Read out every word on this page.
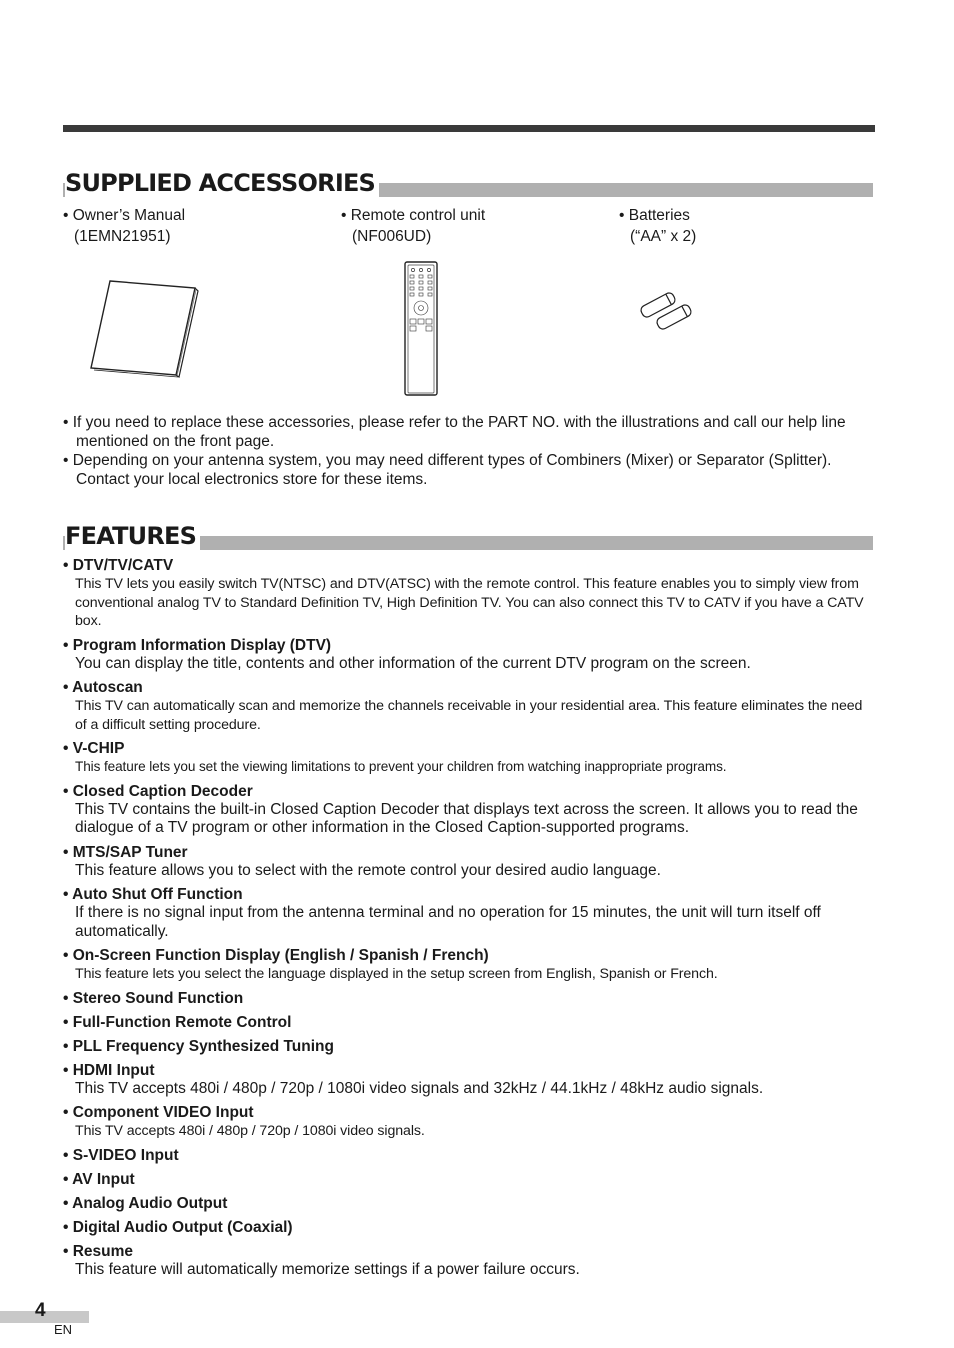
SUPPLIED ACCESSORIES
• Owner’s Manual
(1EMN21951)
• Remote control unit
(NF006UD)
• Batteries
(“AA” x 2)

• If you need to replace these accessories, please refer to the PART NO. with the illustrations and call our help line mentioned on the front page.

• Depending on your antenna system, you may need different types of Combiners (Mixer) or Separator (Splitter). Contact your local electronics store for these items.

FEATURES
• DTV/TV/CATV
This TV lets you easily switch TV(NTSC) and DTV(ATSC) with the remote control. This feature enables you to simply view from conventional analog TV to Standard Definition TV, High Definition TV. You can also connect this TV to CATV if you have a CATV box.
• Program Information Display (DTV)
You can display the title, contents and other information of the current DTV program on the screen.
• Autoscan
This TV can automatically scan and memorize the channels receivable in your residential area. This feature eliminates the need of a difficult setting procedure.
• V-CHIP
This feature lets you set the viewing limitations to prevent your children from watching inappropriate programs.
• Closed Caption Decoder
This TV contains the built-in Closed Caption Decoder that displays text across the screen. It allows you to read the dialogue of a TV program or other information in the Closed Caption-supported programs.
• MTS/SAP Tuner
This feature allows you to select with the remote control your desired audio language.
• Auto Shut Off Function
If there is no signal input from the antenna terminal and no operation for 15 minutes, the unit will turn itself off automatically.
• On-Screen Function Display (English / Spanish / French)
This feature lets you select the language displayed in the setup screen from English, Spanish or French.
• Stereo Sound Function
• Full-Function Remote Control
• PLL Frequency Synthesized Tuning
• HDMI Input
This TV accepts 480i / 480p / 720p / 1080i video signals and 32kHz / 44.1kHz / 48kHz audio signals.
• Component VIDEO Input
This TV accepts 480i / 480p / 720p / 1080i video signals.
• S-VIDEO Input
• AV Input
• Analog Audio Output
• Digital Audio Output (Coaxial)
• Resume
This feature will automatically memorize settings if a power failure occurs.
4
EN
